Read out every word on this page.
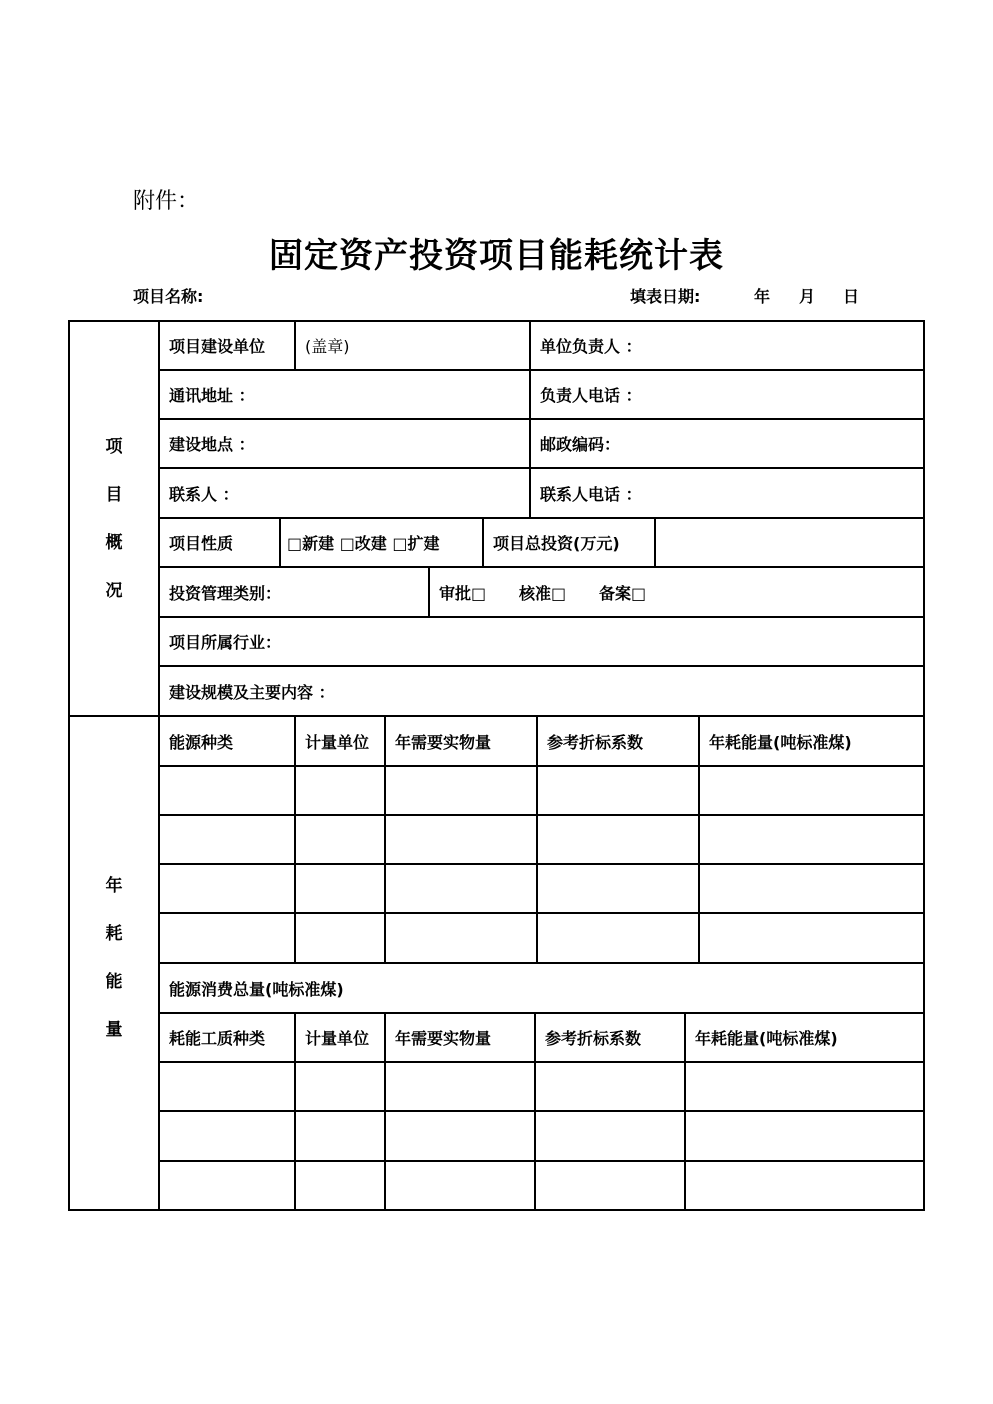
附件：
固定资产投资项目能耗统计表
项目名称:	填表日期:	年 月 日
项
目
概
况
年
耗
能
量
项目建设单位	(盖章)	单位负责人 ：
通讯地址 ：	负责人电话 ：
建设地点 ：	邮政编码：
联系人 ：	联系人电话 ：
项目性质	□新建 □改建 □扩建	项目总投资(万元)
投资管理类别：	审批□	核准□	备案□
项目所属行业：
建设规模及主要内容 ：
能源种类	计量单位	年需要实物量	参考折标系数	年耗能量(吨标准煤)
能源消费总量(吨标准煤)
耗能工质种类	计量单位	年需要实物量	参考折标系数	年耗能量(吨标准煤)
